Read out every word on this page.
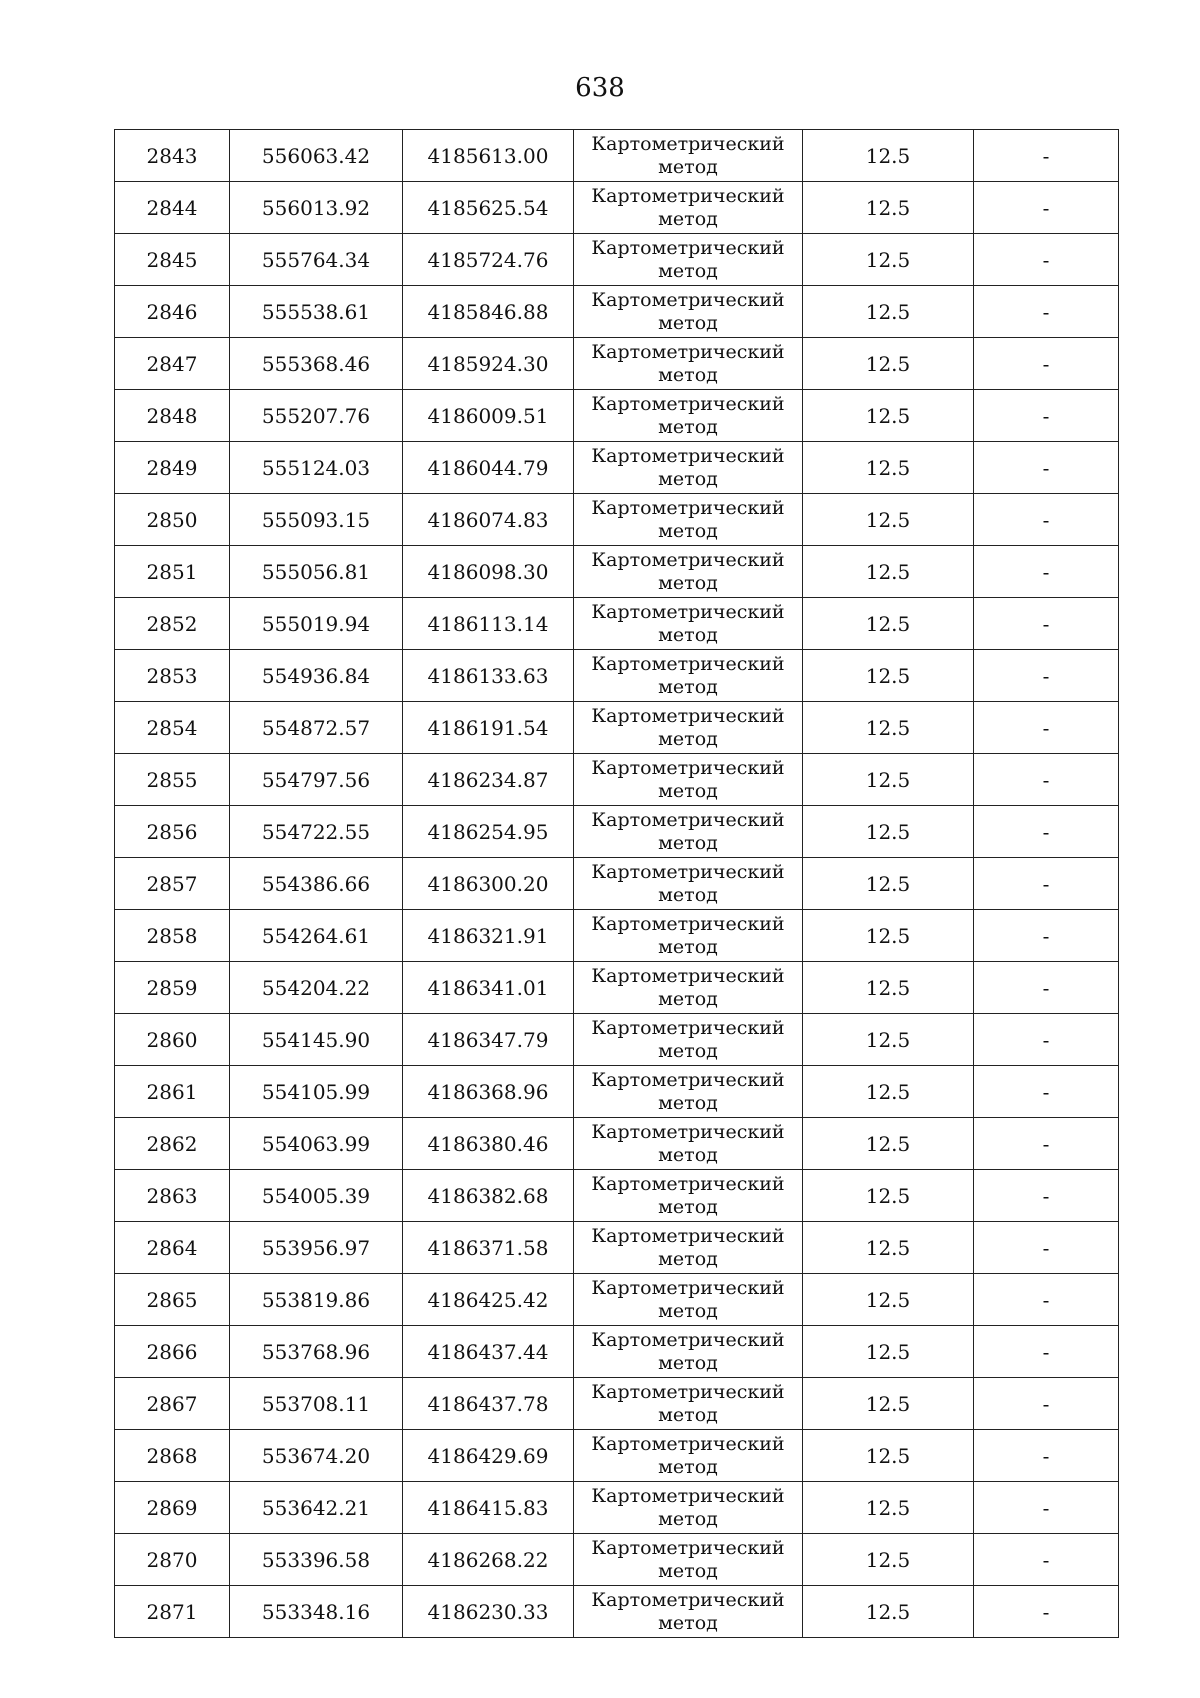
638
2843	556063.42	4185613.00	Картометрический
метод	12.5	-
2844	556013.92	4185625.54	Картометрический
метод	12.5	-
2845	555764.34	4185724.76	Картометрический
метод	12.5	-
2846	555538.61	4185846.88	Картометрический
метод	12.5	-
2847	555368.46	4185924.30	Картометрический
метод	12.5	-
2848	555207.76	4186009.51	Картометрический
метод	12.5	-
2849	555124.03	4186044.79	Картометрический
метод	12.5	-
2850	555093.15	4186074.83	Картометрический
метод	12.5	-
2851	555056.81	4186098.30	Картометрический
метод	12.5	-
2852	555019.94	4186113.14	Картометрический
метод	12.5	-
2853	554936.84	4186133.63	Картометрический
метод	12.5	-
2854	554872.57	4186191.54	Картометрический
метод	12.5	-
2855	554797.56	4186234.87	Картометрический
метод	12.5	-
2856	554722.55	4186254.95	Картометрический
метод	12.5	-
2857	554386.66	4186300.20	Картометрический
метод	12.5	-
2858	554264.61	4186321.91	Картометрический
метод	12.5	-
2859	554204.22	4186341.01	Картометрический
метод	12.5	-
2860	554145.90	4186347.79	Картометрический
метод	12.5	-
2861	554105.99	4186368.96	Картометрический
метод	12.5	-
2862	554063.99	4186380.46	Картометрический
метод	12.5	-
2863	554005.39	4186382.68	Картометрический
метод	12.5	-
2864	553956.97	4186371.58	Картометрический
метод	12.5	-
2865	553819.86	4186425.42	Картометрический
метод	12.5	-
2866	553768.96	4186437.44	Картометрический
метод	12.5	-
2867	553708.11	4186437.78	Картометрический
метод	12.5	-
2868	553674.20	4186429.69	Картометрический
метод	12.5	-
2869	553642.21	4186415.83	Картометрический
метод	12.5	-
2870	553396.58	4186268.22	Картометрический
метод	12.5	-
2871	553348.16	4186230.33	Картометрический
метод	12.5	-
